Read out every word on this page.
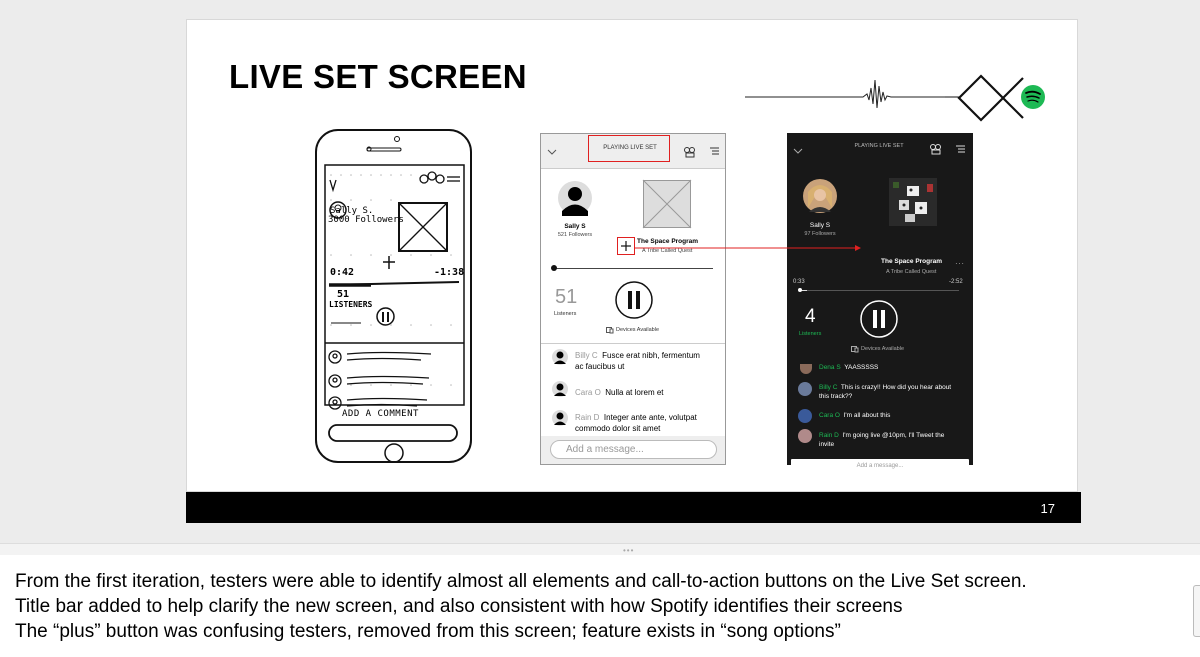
LIVE SET SCREEN
Sally S.
3000 Followers
0:42	-1:38
51
LISTENERS
ADD A COMMENT
PLAYING LIVE SET
Sally S
521 Followers
The Space Program
A Tribe Called Quest
51
Listeners
Devices Available
Billy C Fusce erat nibh, fermentum
ac faucibus ut
Cara O Nulla at lorem et
Rain D Integer ante ante, volutpat
commodo dolor sit amet
Add a message...
PLAYING LIVE SET
Sally S
97 Followers
The Space Program
A Tribe Called Quest
···
0:33	-2:52
4
Listeners
Devices Available
Dena S YAASSSSS
Billy C This is crazy!! How did you hear about
this track??
Cara O I'm all about this
Rain D I'm going live @10pm, I'll Tweet the
invite
Add a message...
17
•••
From the first iteration, testers were able to identify almost all elements and call-to-action buttons on the Live Set screen.
Title bar added to help clarify the new screen, and also consistent with how Spotify identifies their screens
The “plus” button was confusing testers, removed from this screen; feature exists in “song options”
